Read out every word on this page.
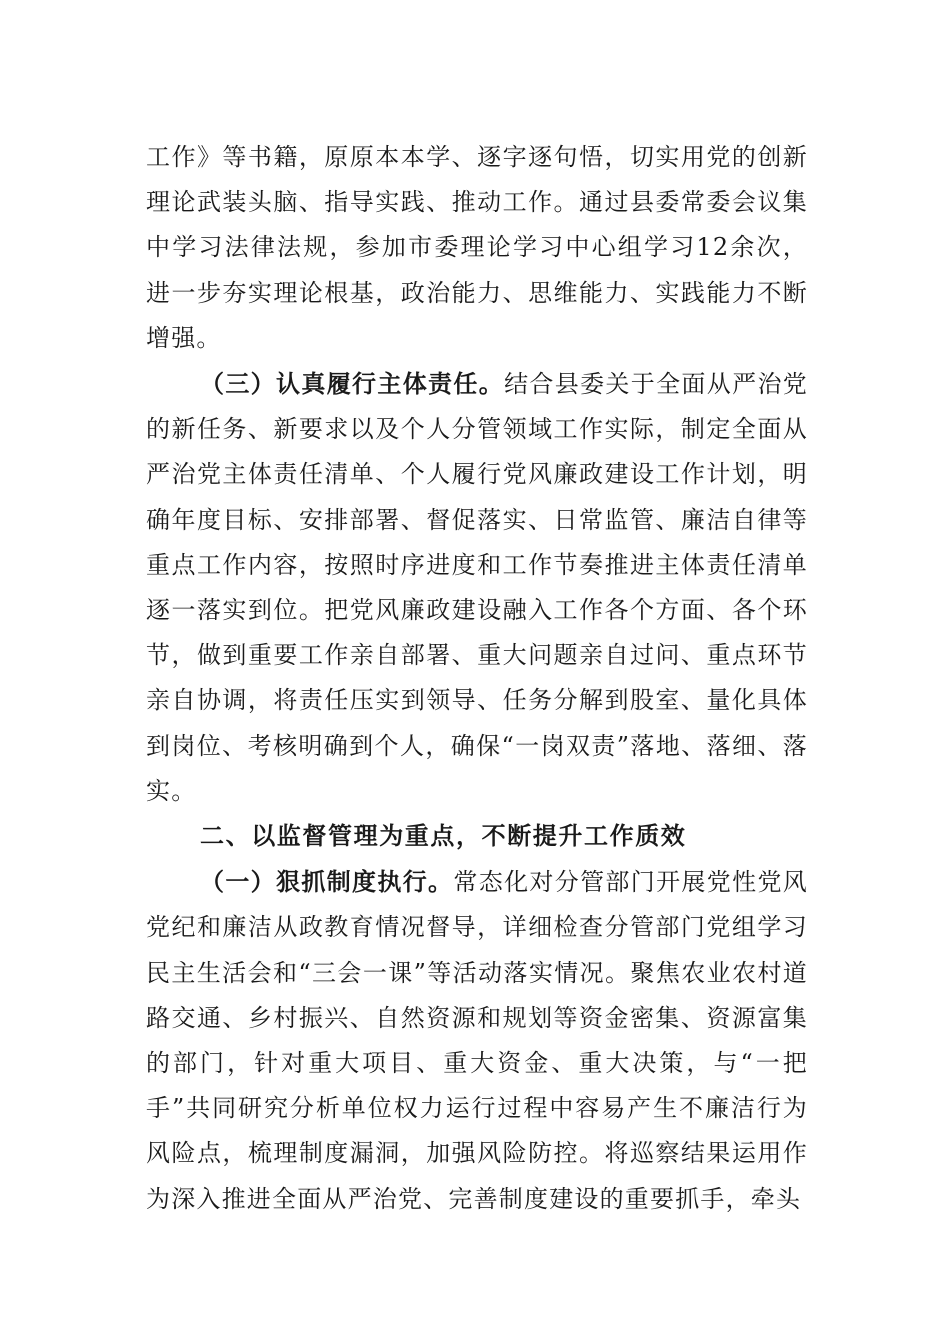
工作》等书籍，原原本本学、逐字逐句悟，切实用党的创新理论武装头脑、指导实践、推动工作。通过县委常委会议集中学习法律法规，参加市委理论学习中心组学习12余次，进一步夯实理论根基，政治能力、思维能力、实践能力不断增强。

（三）认真履行主体责任。结合县委关于全面从严治党的新任务、新要求以及个人分管领域工作实际，制定全面从严治党主体责任清单、个人履行党风廉政建设工作计划，明确年度目标、安排部署、督促落实、日常监管、廉洁自律等重点工作内容，按照时序进度和工作节奏推进主体责任清单逐一落实到位。把党风廉政建设融入工作各个方面、各个环节，做到重要工作亲自部署、重大问题亲自过问、重点环节亲自协调，将责任压实到领导、任务分解到股室、量化具体到岗位、考核明确到个人，确保“一岗双责”落地、落细、落实。

二、以监督管理为重点，不断提升工作质效

（一）狠抓制度执行。常态化对分管部门开展党性党风党纪和廉洁从政教育情况督导，详细检查分管部门党组学习民主生活会和“三会一课”等活动落实情况。聚焦农业农村道路交通、乡村振兴、自然资源和规划等资金密集、资源富集的部门，针对重大项目、重大资金、重大决策，与“一把手”共同研究分析单位权力运行过程中容易产生不廉洁行为风险点，梳理制度漏洞，加强风险防控。将巡察结果运用作为深入推进全面从严治党、完善制度建设的重要抓手，牵头
